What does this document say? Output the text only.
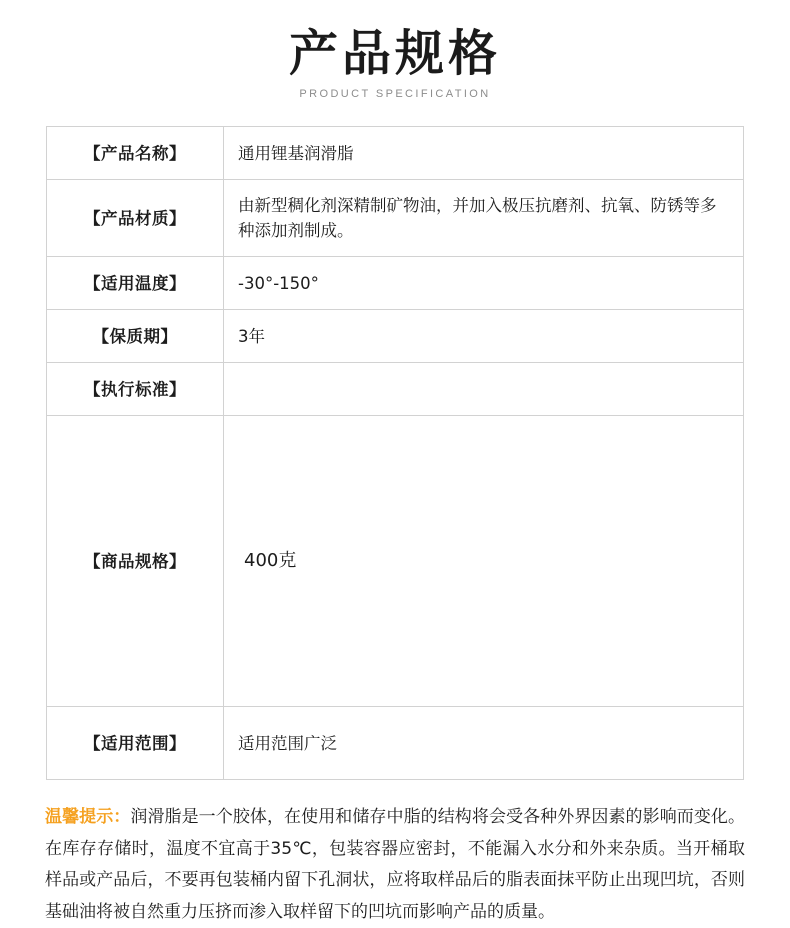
产品规格
PRODUCT SPECIFICATION
【产品名称】	通用锂基润滑脂
【产品材质】	由新型稠化剂深精制矿物油，并加入极压抗磨剂、抗氧、防锈等多种添加剂制成。
【适用温度】	-30°-150°
【保质期】	3年
【执行标准】	
【商品规格】	400克
【适用范围】	适用范围广泛
温馨提示：润滑脂是一个胶体，在使用和储存中脂的结构将会受各种外界因素的影响而变化。在库存存储时，温度不宜高于35℃，包装容器应密封，不能漏入水分和外来杂质。当开桶取样品或产品后，不要再包装桶内留下孔洞状，应将取样品后的脂表面抹平防止出现凹坑，否则基础油将被自然重力压挤而渗入取样留下的凹坑而影响产品的质量。
